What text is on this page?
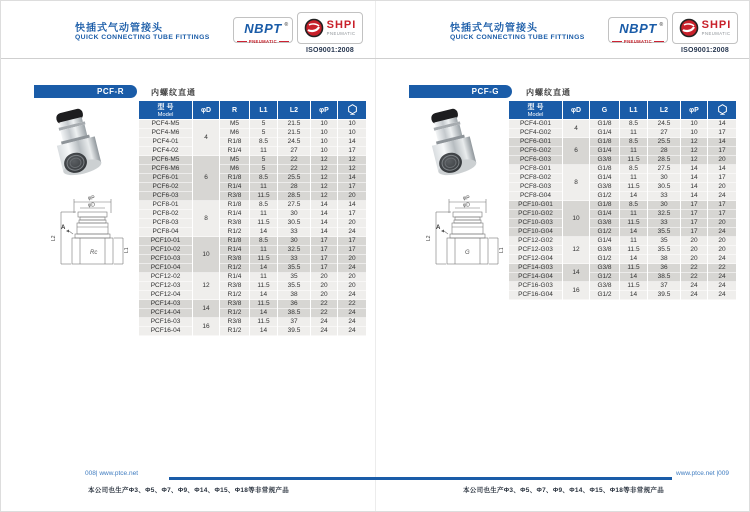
快插式气动管接头
QUICK CONNECTING TUBE FITTINGS
NBPT ®
PNEUMATIC
SHPI
PNEUMATIC
ISO9001:2008
PCF-R	内螺纹直通
φP
φD
L2
L1
Rc
A
型 号
Model	φD	R	L1	L2	φP

PCF4-M5	4	M5	5	21.5	10	10
PCF4-M6		M6	5	21.5	10	10
PCF4-01		R1/8	8.5	24.5	10	14
PCF4-02		R1/4	11	27	10	17
PCF6-M5	6	M5	5	22	12	12
PCF6-M6		M6	5	22	12	12
PCF6-01		R1/8	8.5	25.5	12	14
PCF6-02		R1/4	11	28	12	17
PCF6-03		R3/8	11.5	28.5	12	20
PCF8-01	8	R1/8	8.5	27.5	14	14
PCF8-02		R1/4	11	30	14	17
PCF8-03		R3/8	11.5	30.5	14	20
PCF8-04		R1/2	14	33	14	24
PCF10-01	10	R1/8	8.5	30	17	17
PCF10-02		R1/4	11	32.5	17	17
PCF10-03		R3/8	11.5	33	17	20
PCF10-04		R1/2	14	35.5	17	24
PCF12-02	12	R1/4	11	35	20	20
PCF12-03		R3/8	11.5	35.5	20	20
PCF12-04		R1/2	14	38	20	24
PCF14-03	14	R3/8	11.5	36	22	22
PCF14-04		R1/2	14	38.5	22	24
PCF16-03	16	R3/8	11.5	37	24	24
PCF16-04		R1/2	14	39.5	24	24
008| www.ptce.net
本公司也生产Φ3、Φ5、Φ7、Φ9、Φ14、Φ15、Φ18等非常规产品
快插式气动管接头
QUICK CONNECTING TUBE FITTINGS
NBPT ®
PNEUMATIC
SHPI
PNEUMATIC
ISO9001:2008
PCF-G	内螺纹直通
φP
φD
L2
L1
G
A
型 号
Model	φD	G	L1	L2	φP

PCF4-G01	4	G1/8	8.5	24.5	10	14
PCF4-G02		G1/4	11	27	10	17
PCF6-G01	6	G1/8	8.5	25.5	12	14
PCF6-G02		G1/4	11	28	12	17
PCF6-G03		G3/8	11.5	28.5	12	20
PCF8-G01	8	G1/8	8.5	27.5	14	14
PCF8-G02		G1/4	11	30	14	17
PCF8-G03		G3/8	11.5	30.5	14	20
PCF8-G04		G1/2	14	33	14	24
PCF10-G01	10	G1/8	8.5	30	17	17
PCF10-G02		G1/4	11	32.5	17	17
PCF10-G03		G3/8	11.5	33	17	20
PCF10-G04		G1/2	14	35.5	17	24
PCF12-G02	12	G1/4	11	35	20	20
PCF12-G03		G3/8	11.5	35.5	20	20
PCF12-G04		G1/2	14	38	20	24
PCF14-G03	14	G3/8	11.5	36	22	22
PCF14-G04		G1/2	14	38.5	22	24
PCF16-G03	16	G3/8	11.5	37	24	24
PCF16-G04		G1/2	14	39.5	24	24
www.ptce.net |009
本公司也生产Φ3、Φ5、Φ7、Φ9、Φ14、Φ15、Φ18等非常规产品
